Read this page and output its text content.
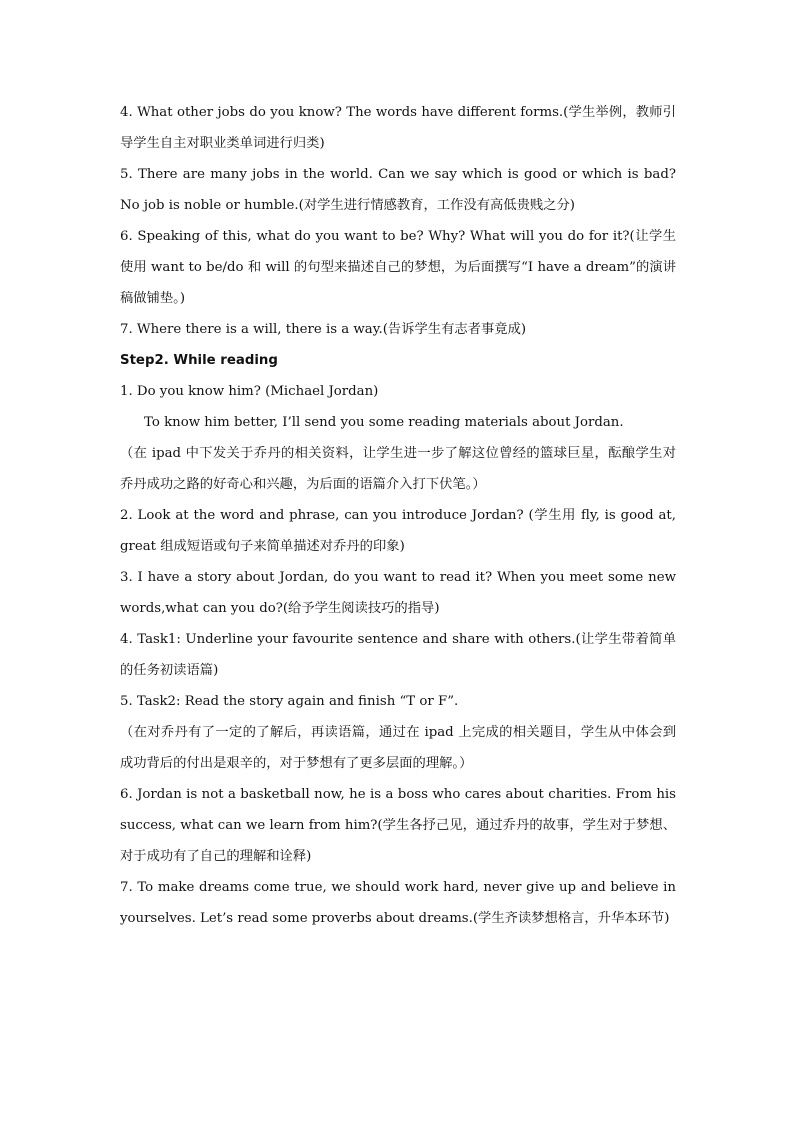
4. What other jobs do you know? The words have different forms.(学生举例，教师引导学生自主对职业类单词进行归类)

5. There are many jobs in the world. Can we say which is good or which is bad? No job is noble or humble.(对学生进行情感教育，工作没有高低贵贱之分)

6. Speaking of this, what do you want to be? Why? What will you do for it?(让学生使用 want to be/do 和 will 的句型来描述自己的梦想，为后面撰写“I have a dream”的演讲稿做铺垫。)

7. Where there is a will, there is a way.(告诉学生有志者事竟成)

Step2. While reading

1. Do you know him? (Michael Jordan)

To know him better, I’ll send you some reading materials about Jordan.

（在 ipad 中下发关于乔丹的相关资料，让学生进一步了解这位曾经的篮球巨星，酝酿学生对乔丹成功之路的好奇心和兴趣，为后面的语篇介入打下伏笔。）

2. Look at the word and phrase, can you introduce Jordan? (学生用 fly, is good at, great 组成短语或句子来简单描述对乔丹的印象)

3. I have a story about Jordan, do you want to read it? When you meet some new words,what can you do?(给予学生阅读技巧的指导)

4. Task1: Underline your favourite sentence and share with others.(让学生带着简单的任务初读语篇)

5. Task2: Read the story again and finish “T or F”.

（在对乔丹有了一定的了解后，再读语篇，通过在 ipad 上完成的相关题目，学生从中体会到成功背后的付出是艰辛的，对于梦想有了更多层面的理解。）

6. Jordan is not a basketball now, he is a boss who cares about charities. From his success, what can we learn from him?(学生各抒己见，通过乔丹的故事，学生对于梦想、对于成功有了自己的理解和诠释)

7. To make dreams come true, we should work hard, never give up and believe in yourselves. Let’s read some proverbs about dreams.(学生齐读梦想格言，升华本环节)
